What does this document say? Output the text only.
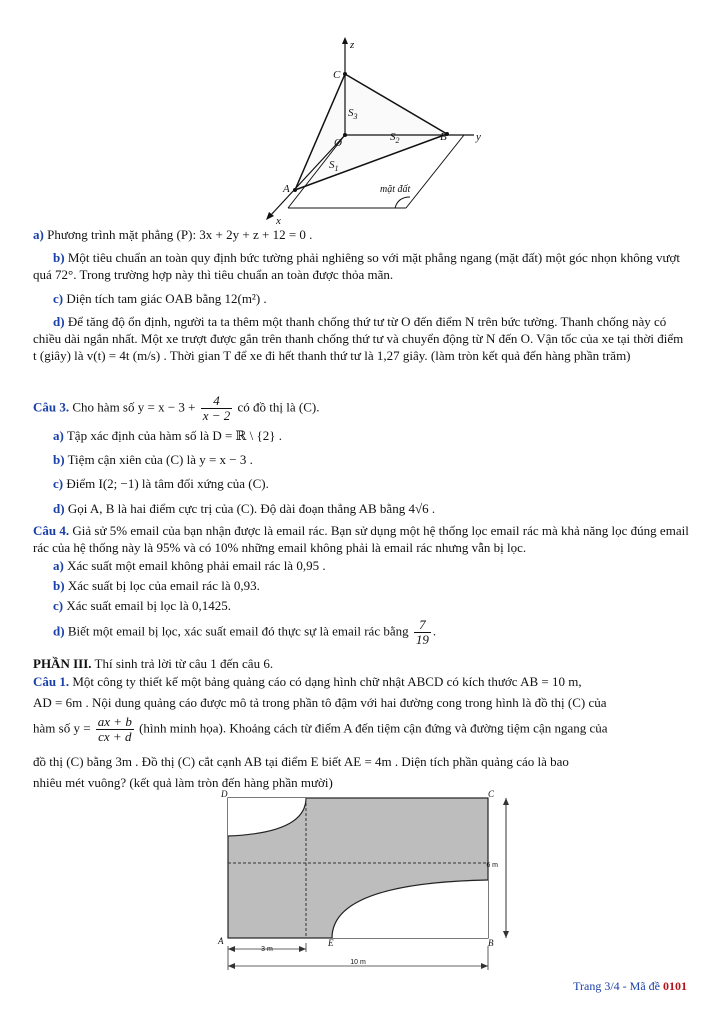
z
y
x
C
O	B
A
$S_3$
$S_2$
$S_1$
mặt đất
a) Phương trình mặt phẳng (P): 3x + 2y + z + 12 = 0 .
b) Một tiêu chuẩn an toàn quy định bức tường phải nghiêng so với mặt phẳng ngang (mặt đất) một góc nhọn không vượt quá 72°. Trong trường hợp này thì tiêu chuẩn an toàn được thỏa mãn.
c) Diện tích tam giác OAB bằng 12(m²) .
d) Để tăng độ ổn định, người ta ta thêm một thanh chống thứ tư từ O đến điểm N trên bức tường. Thanh chống này có chiều dài ngắn nhất. Một xe trượt được gắn trên thanh chống thứ tư và chuyển động từ N đến O. Vận tốc của xe tại thời điểm t (giây) là v(t) = 4t (m/s) . Thời gian T để xe đi hết thanh thứ tư là 1,27 giây. (làm tròn kết quả đến hàng phần trăm)
Câu 3. Cho hàm số $y = x - 3 + \frac{4}{x - 2}$ có đồ thị là (C).
a) Tập xác định của hàm số là D = ℝ \ {2} .
b) Tiệm cận xiên của (C) là y = x − 3 .
c) Điểm I(2; −1) là tâm đối xứng của (C).
d) Gọi A, B là hai điểm cực trị của (C). Độ dài đoạn thẳng AB bằng 4√6 .
Câu 4. Giả sử 5% email của bạn nhận được là email rác. Bạn sử dụng một hệ thống lọc email rác mà khả năng lọc đúng email rác của hệ thống này là 95% và có 10% những email không phải là email rác nhưng vẫn bị lọc.
a) Xác suất một email không phải email rác là 0,95 .
b) Xác suất bị lọc của email rác là 0,93.
c) Xác suất email bị lọc là 0,1425.
d) Biết một email bị lọc, xác suất email đó thực sự là email rác bằng $\frac{7}{19}$ .
PHẦN III. Thí sinh trả lời từ câu 1 đến câu 6.
Câu 1. Một công ty thiết kế một bảng quảng cáo có dạng hình chữ nhật ABCD có kích thước AB = 10 m,
AD = 6m . Nội dung quảng cáo được mô tả trong phần tô đậm với hai đường cong trong hình là đồ thị (C) của
hàm số $y = \frac{ax + b}{cx + d}$ (hình minh họa). Khoảng cách từ điểm A đến tiệm cận đứng và đường tiệm cận ngang của
đồ thị (C) bằng 3m . Đồ thị (C) cắt cạnh AB tại điểm E biết AE = 4m . Diện tích phần quảng cáo là bao
nhiêu mét vuông? (kết quả làm tròn đến hàng phần mười)
D	C
A	E	B
6 m
3 m
10 m
Trang 3/4 - Mã đề 0101
